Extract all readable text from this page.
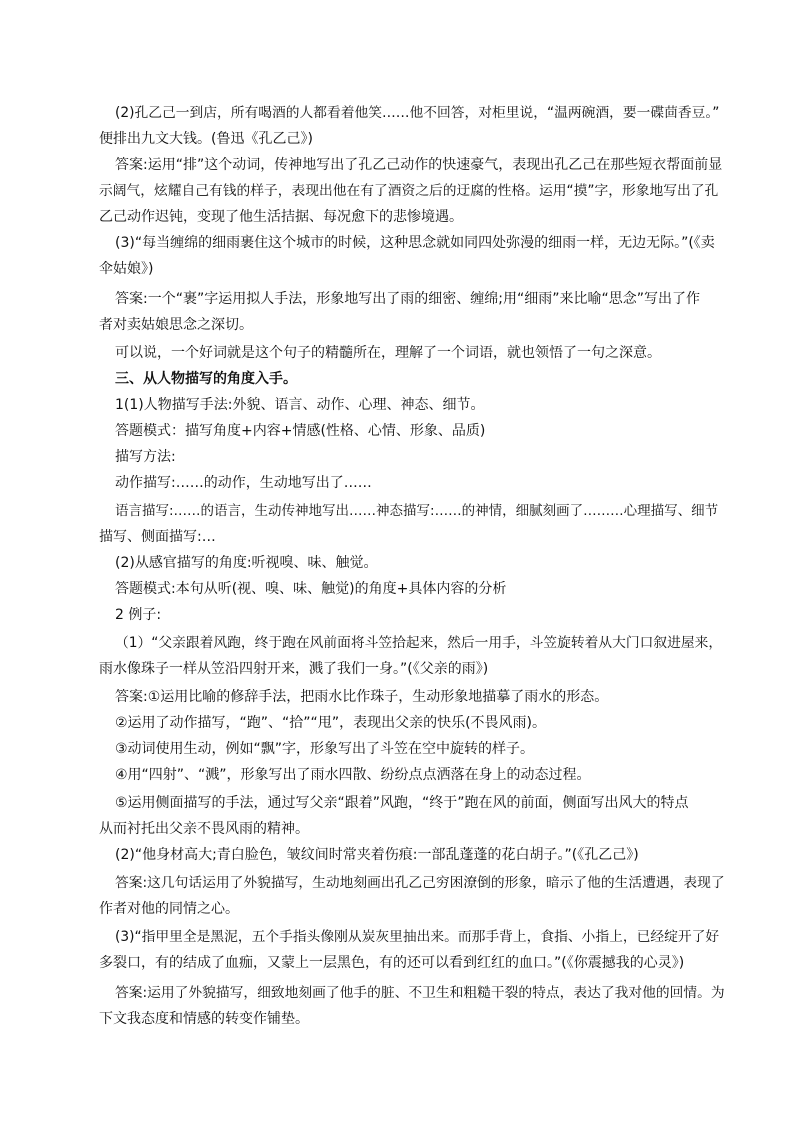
(2)孔乙己一到店，所有喝酒的人都看着他笑……他不回答，对柜里说，“温两碗酒，要一碟茴香豆。”

便排出九文大钱。(鲁迅《孔乙己》)

答案:运用“排”这个动词，传神地写出了孔乙己动作的快速豪气，表现出孔乙己在那些短衣帮面前显

示阔气，炫耀自己有钱的样子，表现出他在有了酒资之后的迂腐的性格。运用“摸”字，形象地写出了孔

乙己动作迟钝，变现了他生活拮据、每况愈下的悲惨境遇。

(3)“每当缠绵的细雨裹住这个城市的时候，这种思念就如同四处弥漫的细雨一样，无边无际。”(《卖

伞姑娘》)

答案:一个“裹”字运用拟人手法，形象地写出了雨的细密、缠绵;用“细雨”来比喻“思念”写出了作

者对卖姑娘思念之深切。

可以说，一个好词就是这个句子的精髓所在，理解了一个词语，就也领悟了一句之深意。

三、从人物描写的角度入手。

1(1)人物描写手法:外貌、语言、动作、心理、神态、细节。

答题模式：描写角度+内容+情感(性格、心情、形象、品质)

描写方法:

动作描写:……的动作，生动地写出了……

语言描写:……的语言，生动传神地写出……神态描写:……的神情，细腻刻画了………心理描写、细节

描写、侧面描写:…

(2)从感官描写的角度:听视嗅、味、触觉。

答题模式:本句从听(视、嗅、味、触觉)的角度+具体内容的分析

2 例子:

（1）“父亲跟着风跑，终于跑在风前面将斗笠拾起来，然后一用手，斗笠旋转着从大门口叙进屋来，

雨水像珠子一样从笠沿四射开来，溅了我们一身。”(《父亲的雨》)

答案:①运用比喻的修辞手法，把雨水比作珠子，生动形象地描摹了雨水的形态。

②运用了动作描写，“跑”、“拾”“甩”，表现出父亲的快乐(不畏风雨)。

③动词使用生动，例如“飘”字，形象写出了斗笠在空中旋转的样子。

④用“四射”、“溅”，形象写出了雨水四散、纷纷点点洒落在身上的动态过程。

⑤运用侧面描写的手法，通过写父亲“跟着”风跑，“终于”跑在风的前面，侧面写出风大的特点

从而衬托出父亲不畏风雨的精神。

(2)“他身材高大;青白脸色，皱纹间时常夹着伤痕:一部乱蓬蓬的花白胡子。”(《孔乙己》)

答案:这几句话运用了外貌描写，生动地刻画出孔乙己穷困潦倒的形象，暗示了他的生活遭遇，表现了

作者对他的同情之心。

(3)“指甲里全是黑泥，五个手指头像刚从炭灰里抽出来。而那手背上，食指、小指上，已经绽开了好

多裂口，有的结成了血痂，又蒙上一层黑色，有的还可以看到红红的血口。”(《你震撼我的心灵》)

答案:运用了外貌描写，细致地刻画了他手的脏、不卫生和粗糙干裂的特点，表达了我对他的回情。为

下文我态度和情感的转变作铺垫。
